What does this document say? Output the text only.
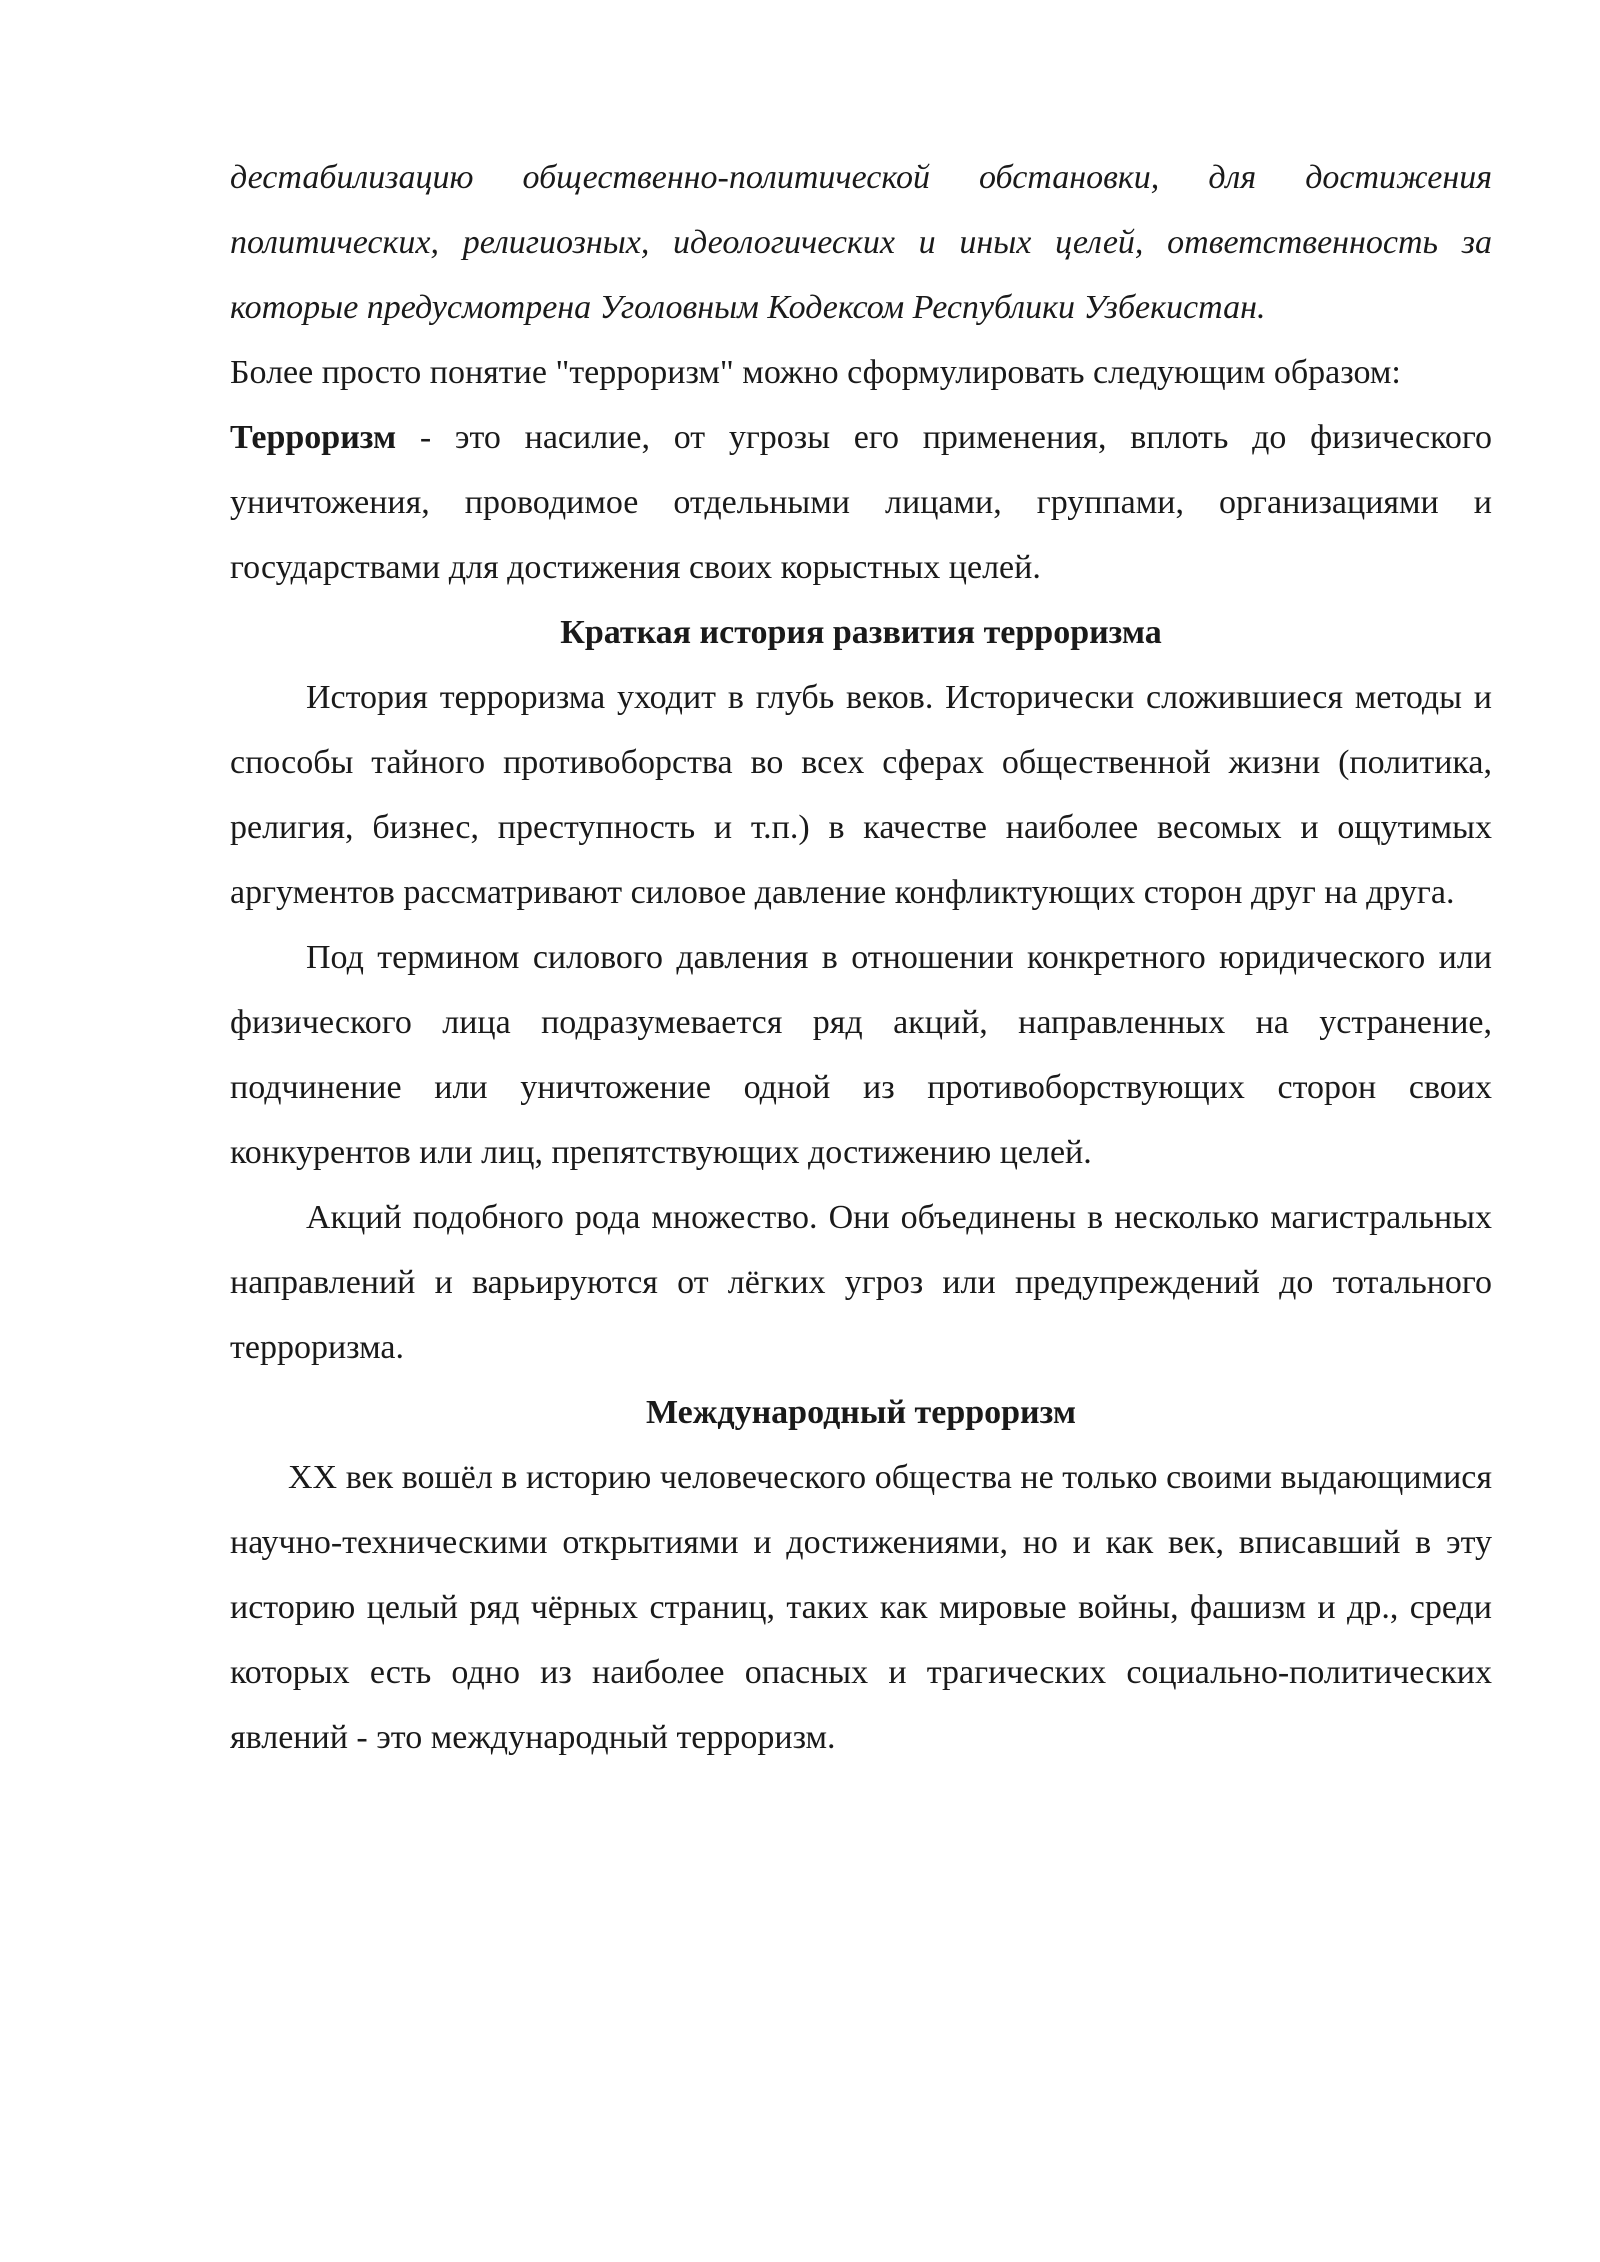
дестабилизацию общественно-политической обстановки, для достижения политических, религиозных, идеологических и иных целей, ответственность за которые предусмотрена Уголовным Кодексом Республики Узбекистан.

Более просто понятие "терроризм" можно сформулировать следующим образом:

Терроризм - это насилие, от угрозы его применения, вплоть до физического уничтожения, проводимое отдельными лицами, группами, организациями и государствами для достижения своих корыстных целей.

Краткая история развития терроризма

История терроризма уходит в глубь веков. Исторически сложившиеся методы и способы тайного противоборства во всех сферах общественной жизни (политика, религия, бизнес, преступность и т.п.) в качестве наиболее весомых и ощутимых аргументов рассматривают силовое давление конфликтующих сторон друг на друга.

Под термином силового давления в отношении конкретного юридического или физического лица подразумевается ряд акций, направленных на устранение, подчинение или уничтожение одной из противоборствующих сторон своих конкурентов или лиц, препятствующих достижению целей.

Акций подобного рода множество. Они объединены в несколько магистральных направлений и варьируются от лёгких угроз или предупреждений до тотального терроризма.

Международный терроризм

XX век вошёл в историю человеческого общества не только своими выдающимися научно-техническими открытиями и достижениями, но и как век, вписавший в эту историю целый ряд чёрных страниц, таких как мировые войны, фашизм и др., среди которых есть одно из наиболее опасных и трагических социально-политических явлений - это международный терроризм.
